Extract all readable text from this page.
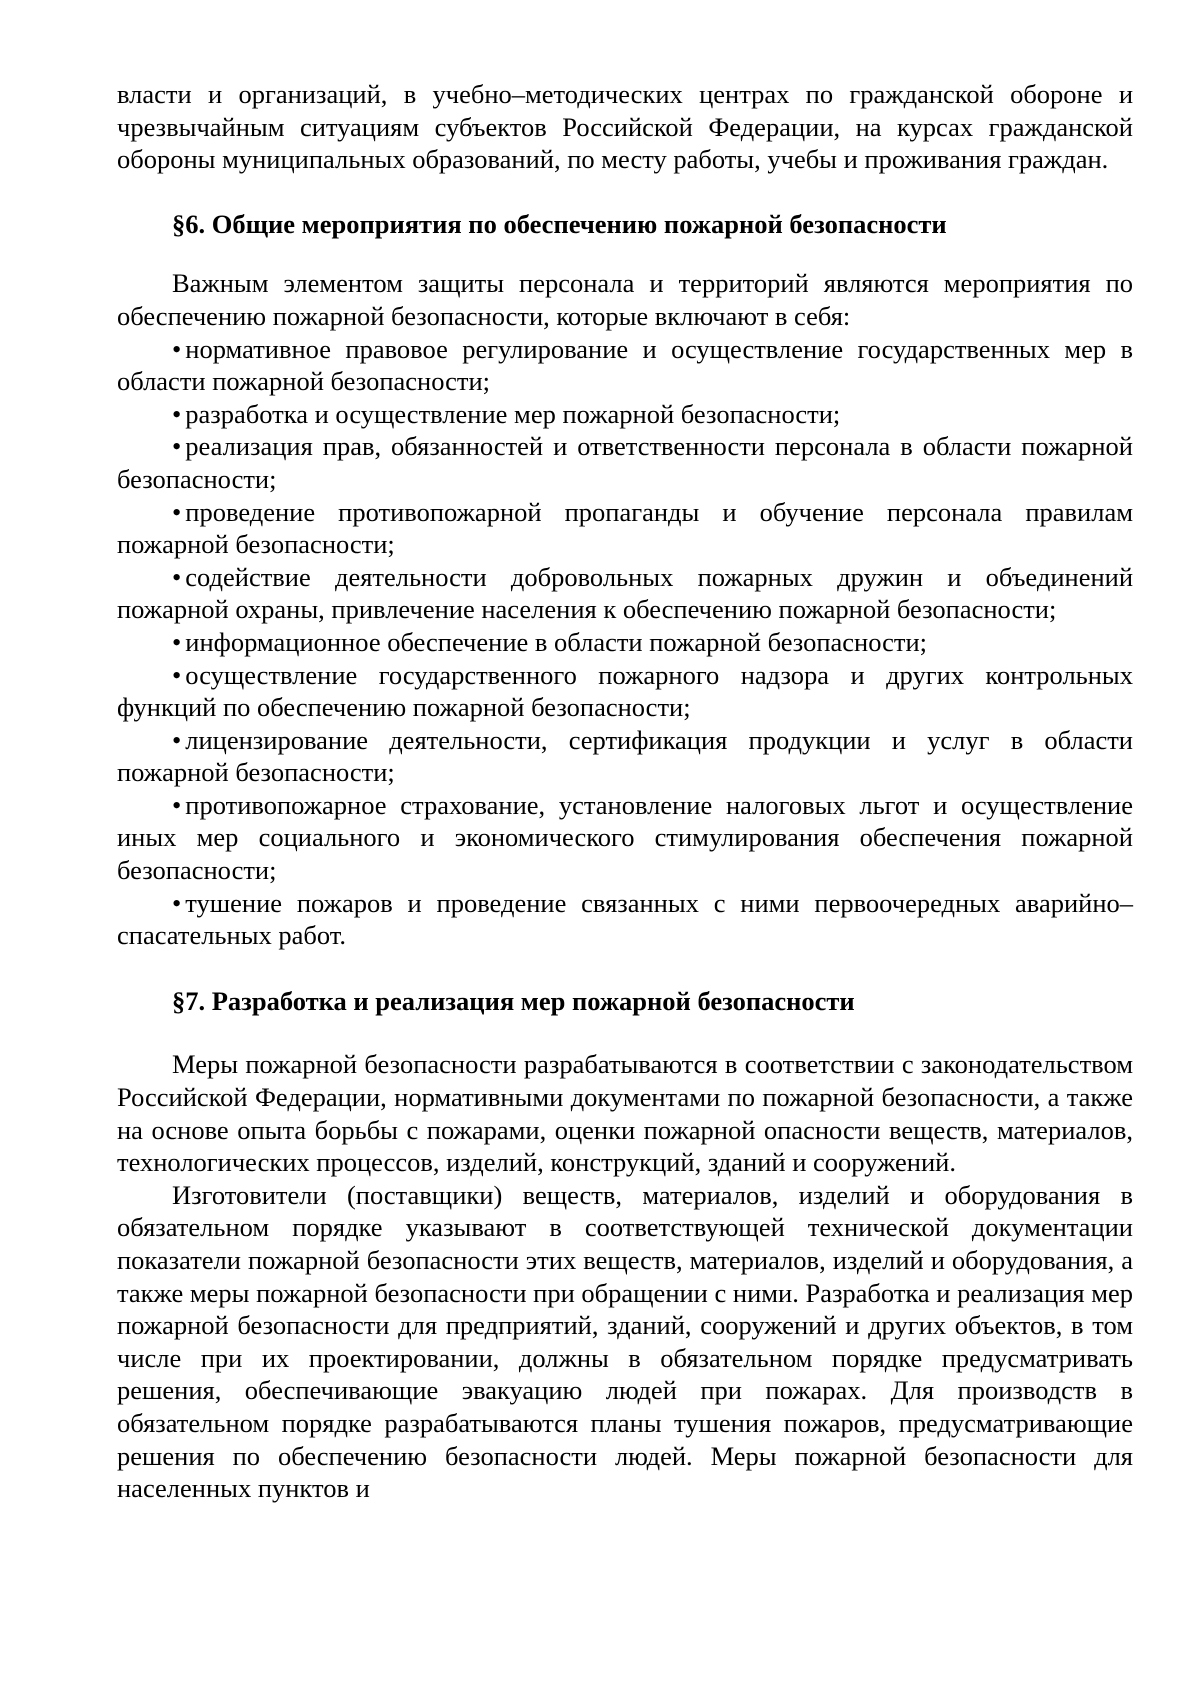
власти и организаций, в учебно–методических центрах по гражданской обороне и чрезвычайным ситуациям субъектов Российской Федерации, на курсах гражданской обороны муниципальных образований, по месту работы, учебы и проживания граждан.

§6. Общие мероприятия по обеспечению пожарной безопасности

Важным элементом защиты персонала и территорий являются мероприятия по обеспечению пожарной безопасности, которые включают в себя:

• нормативное правовое регулирование и осуществление государственных мер в области пожарной безопасности;

• разработка и осуществление мер пожарной безопасности;

• реализация прав, обязанностей и ответственности персонала в области пожарной безопасности;

• проведение противопожарной пропаганды и обучение персонала правилам пожарной безопасности;

• содействие деятельности добровольных пожарных дружин и объединений пожарной охраны, привлечение населения к обеспечению пожарной безопасности;

• информационное обеспечение в области пожарной безопасности;

• осуществление государственного пожарного надзора и других контрольных функций по обеспечению пожарной безопасности;

• лицензирование деятельности, сертификация продукции и услуг в области пожарной безопасности;

• противопожарное страхование, установление налоговых льгот и осуществление иных мер социального и экономического стимулирования обеспечения пожарной безопасности;

• тушение пожаров и проведение связанных с ними первоочередных аварийно–спасательных работ.

§7. Разработка и реализация мер пожарной безопасности

Меры пожарной безопасности разрабатываются в соответствии с законодательством Российской Федерации, нормативными документами по пожарной безопасности, а также на основе опыта борьбы с пожарами, оценки пожарной опасности веществ, материалов, технологических процессов, изделий, конструкций, зданий и сооружений.

Изготовители (поставщики) веществ, материалов, изделий и оборудования в обязательном порядке указывают в соответствующей технической документации показатели пожарной безопасности этих веществ, материалов, изделий и оборудования, а также меры пожарной безопасности при обращении с ними. Разработка и реализация мер пожарной безопасности для предприятий, зданий, сооружений и других объектов, в том числе при их проектировании, должны в обязательном порядке предусматривать решения, обеспечивающие эвакуацию людей при пожарах. Для производств в обязательном порядке разрабатываются планы тушения пожаров, предусматривающие решения по обеспечению безопасности людей. Меры пожарной безопасности для населенных пунктов и
